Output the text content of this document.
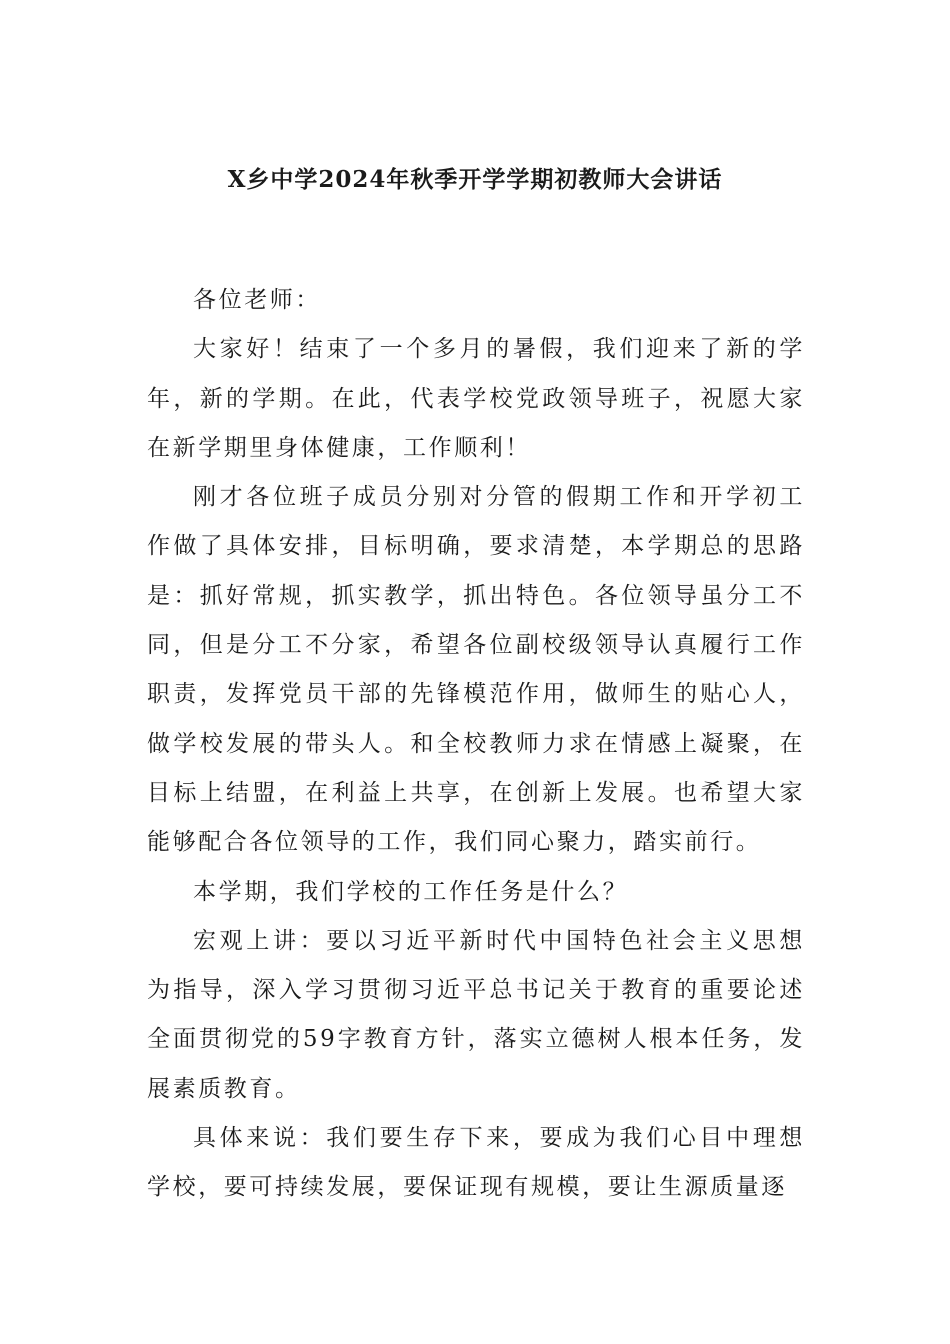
X乡中学2024年秋季开学学期初教师大会讲话

各位老师：

大家好！结束了一个多月的暑假，我们迎来了新的学年，新的学期。在此，代表学校党政领导班子，祝愿大家在新学期里身体健康，工作顺利！

刚才各位班子成员分别对分管的假期工作和开学初工作做了具体安排，目标明确，要求清楚，本学期总的思路是：抓好常规，抓实教学，抓出特色。各位领导虽分工不同，但是分工不分家，希望各位副校级领导认真履行工作职责，发挥党员干部的先锋模范作用，做师生的贴心人，做学校发展的带头人。和全校教师力求在情感上凝聚，在目标上结盟，在利益上共享，在创新上发展。也希望大家能够配合各位领导的工作，我们同心聚力，踏实前行。

本学期，我们学校的工作任务是什么？

宏观上讲：要以习近平新时代中国特色社会主义思想为指导，深入学习贯彻习近平总书记关于教育的重要论述全面贯彻党的59字教育方针，落实立德树人根本任务，发展素质教育。

具体来说：我们要生存下来，要成为我们心目中理想学校，要可持续发展，要保证现有规模，要让生源质量逐
